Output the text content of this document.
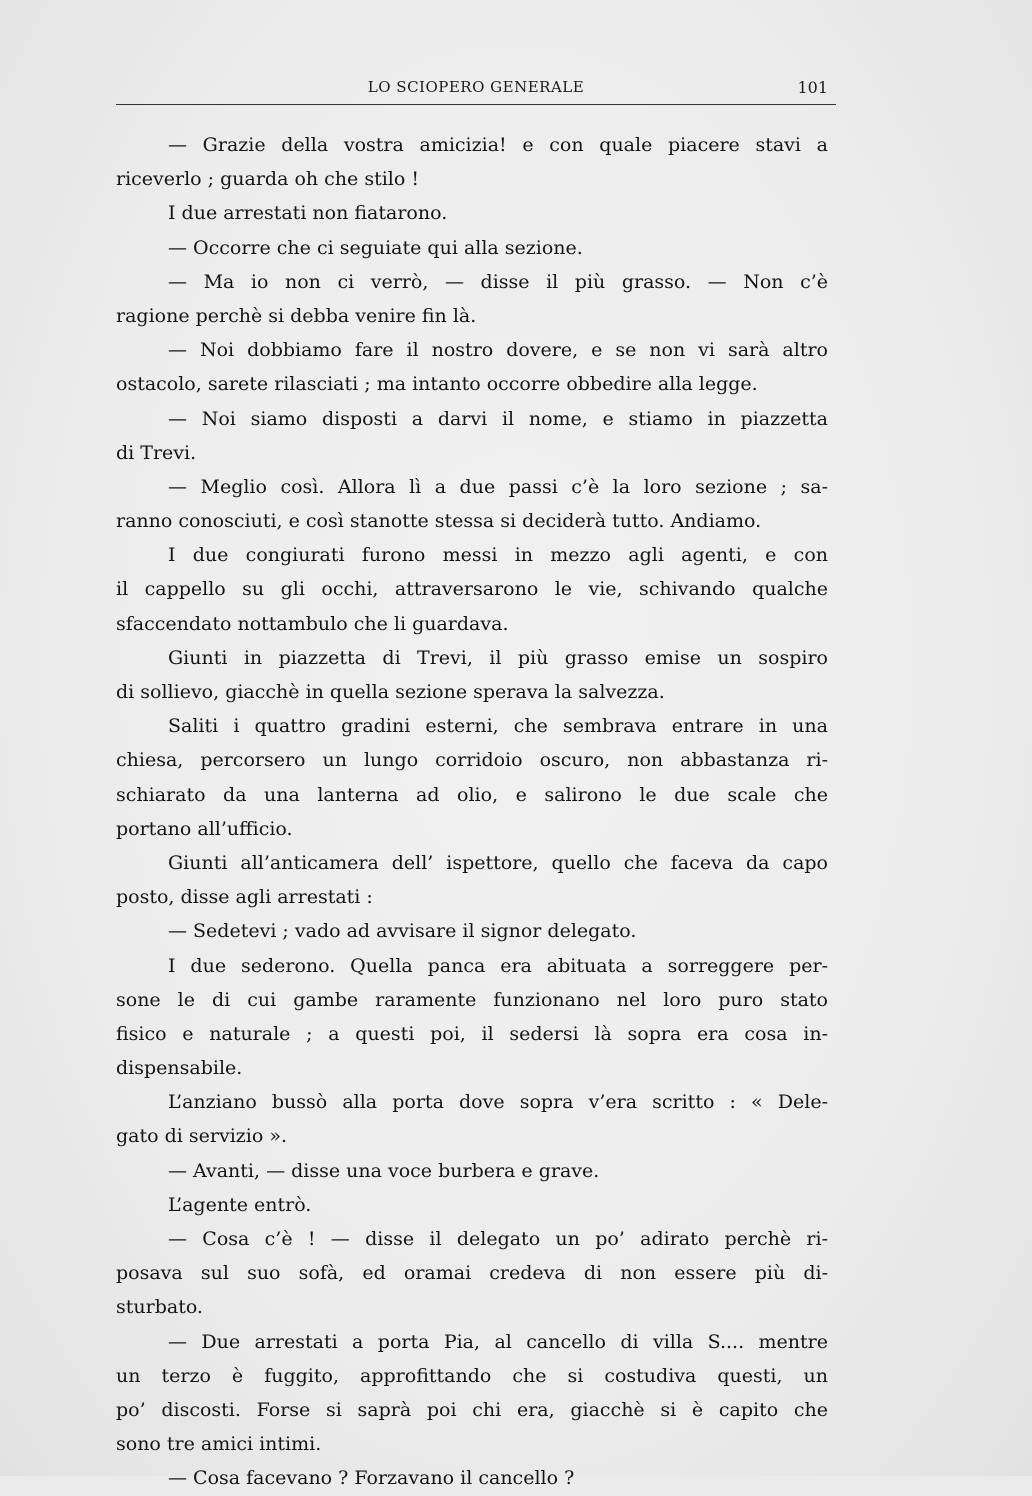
LO SCIOPERO GENERALE	101
— Grazie della vostra amicizia! e con quale piacere stavi a
riceverlo ; guarda oh che stilo !
I due arrestati non fiatarono.
— Occorre che ci seguiate qui alla sezione.
— Ma io non ci verrò, — disse il più grasso. — Non c’è
ragione perchè si debba venire fin là.
— Noi dobbiamo fare il nostro dovere, e se non vi sarà altro
ostacolo, sarete rilasciati ; ma intanto occorre obbedire alla legge.
— Noi siamo disposti a darvi il nome, e stiamo in piazzetta
di Trevi.
— Meglio così. Allora lì a due passi c’è la loro sezione ; sa-
ranno conosciuti, e così stanotte stessa si deciderà tutto. Andiamo.
I due congiurati furono messi in mezzo agli agenti, e con
il cappello su gli occhi, attraversarono le vie, schivando qualche
sfaccendato nottambulo che li guardava.
Giunti in piazzetta di Trevi, il più grasso emise un sospiro
di sollievo, giacchè in quella sezione sperava la salvezza.
Saliti i quattro gradini esterni, che sembrava entrare in una
chiesa, percorsero un lungo corridoio oscuro, non abbastanza ri-
schiarato da una lanterna ad olio, e salirono le due scale che
portano all’ufficio.
Giunti all’anticamera dell’ ispettore, quello che faceva da capo
posto, disse agli arrestati :
— Sedetevi ; vado ad avvisare il signor delegato.
I due sederono. Quella panca era abituata a sorreggere per-
sone le di cui gambe raramente funzionano nel loro puro stato
fisico e naturale ; a questi poi, il sedersi là sopra era cosa in-
dispensabile.
L’anziano bussò alla porta dove sopra v’era scritto : « Dele-
gato di servizio ».
— Avanti, — disse una voce burbera e grave.
L’agente entrò.
— Cosa c’è ! — disse il delegato un po’ adirato perchè ri-
posava sul suo sofà, ed oramai credeva di non essere più di-
sturbato.
— Due arrestati a porta Pia, al cancello di villa S.... mentre
un terzo è fuggito, approfittando che si costudiva questi, un
po’ discosti. Forse si saprà poi chi era, giacchè si è capito che
sono tre amici intimi.
— Cosa facevano ? Forzavano il cancello ?
